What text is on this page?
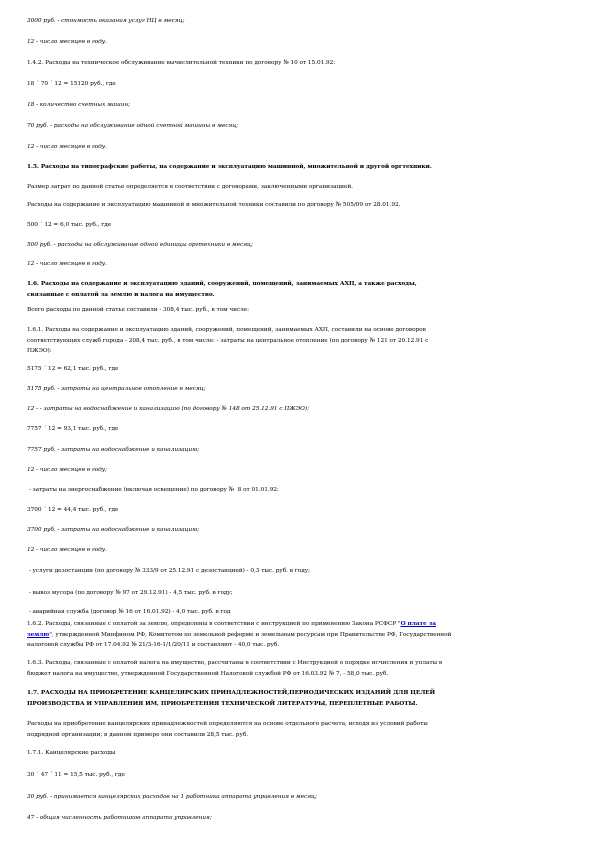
3000 руб. - стоимость оказания услуг НЦ в месяц;
12 - число месяцев в году.
1.4.2. Расходы на техническое обслуживание вычислительной техники по договору № 10 от 15.01.92:
18 ´ 70 ´ 12 = 15120 руб., где
18 - количество счетных машин;
70 руб. - расходы на обслуживание одной счетной машины в месяц;
12 - число месяцев в году.
1.5. Расходы на типографские работы, на содержание и эксплуатацию машинной, множительной и другой оргтехники.
Размер затрат по данной статье определяется в соответствии с договорами, заключенными организацией.
Расходы на содержание и эксплуатацию машинной и множительной техники составили по договору № 505/09 от 28.01.92.
500 ´ 12 = 6,0 тыс. руб., где
500 руб. - расходы на обслуживание одной единицы оргтехники в месяц;
12 - число месяцев в году.
1.6. Расходы на содержание и эксплуатацию зданий, сооружений, помещений, занимаемых АХП, а также расходы,
связанные с оплатой за землю и налога на имущество.
Всего расходы по данной статье составили - 308,4 тыс. руб., в том числе:
1.6.1. Расходы на содержание и эксплуатацию зданий, сооружений, помещений, занимаемых АХП, составили на основе договоров
соответствующих служб города - 208,4 тыс. руб., в том числе: - затраты на центральное отопление (по договору № 121 от 20.12.91 с
ПЖЭО):
5175 ´ 12 = 62,1 тыс. руб., где
5175 руб. - затраты на центральное отопление в месяц;
12 - - затраты на водоснабжение и канализацию (по договору № 148 от 25.12.91 с ПЖЭО):
7757 ´ 12 = 93,1 тыс. руб., где
7757 руб. - затраты на водоснабжение и канализацию;
12 - число месяцев в году;
- затраты на энергоснабжение (включая освещение) по договору №  8 от 01.01.92:
3700 ´ 12 = 44,4 тыс. руб., где
3700 руб. - затраты на водоснабжение и канализацию;
12 - число месяцев в году.
- услуги дезостанции (по договору № 333/9 от 25.12.91 с дезостанцией) - 0,3 тыс. руб. в году;
- вывоз мусора (по договору № 97 от 29.12.91) - 4,5 тыс. руб. в году;
- аварийная служба (договор № 16 от 16.01.92) - 4,0 тыс. руб. в год
1.6.2. Расходы, связанные с оплатой за землю, определены в соответствии с инструкцией по применению Закона РСФСР "О плате за
землю", утвержденной Минфином РФ, Комитетом по земельной реформе и земельным ресурсам при Правительстве РФ, Государственной
налоговой службы РФ от 17.04.92 № 21/3-16-1/1/20/11 и составляют - 40,0 тыс. руб.
1.6.3. Расходы, связанные с оплатой налога на имущество, рассчитаны в соответствии с Инструкцией о порядке исчисления и уплаты в
бюджет налога на имущество, утвержденной Государственной Налоговой службой РФ от 16.03.92 № 7, - 58,0 тыс. руб.
1.7. РАСХОДЫ НА ПРИОБРЕТЕНИЕ КАНЦЕЛЯРСКИХ ПРИНАДЛЕЖНОСТЕЙ,ПЕРИОДИЧЕСКИХ ИЗДАНИЙ ДЛЯ ЦЕЛЕЙ
ПРОИЗВОДСТВА И УПРАВЛЕНИЯ ИМ, ПРИОБРЕТЕНИЯ ТЕХНИЧЕСКОЙ ЛИТЕРАТУРЫ, ПЕРЕПЛЕТНЫЕ РАБОТЫ.
Расходы на приобретение канцелярских принадлежностей определяются на основе отдельного расчета, исходя из условий работы
подрядной организации; в данном примере они составили 28,5 тыс. руб.
1.7.1. Канцелярские расходы
30 ´ 47 ´ 11 = 15,5 тыс. руб., где
30 руб. - принимается канцелярских расходов на 1 работника аппарата управления в месяц;
47 - общая численность работников аппарата управления;
